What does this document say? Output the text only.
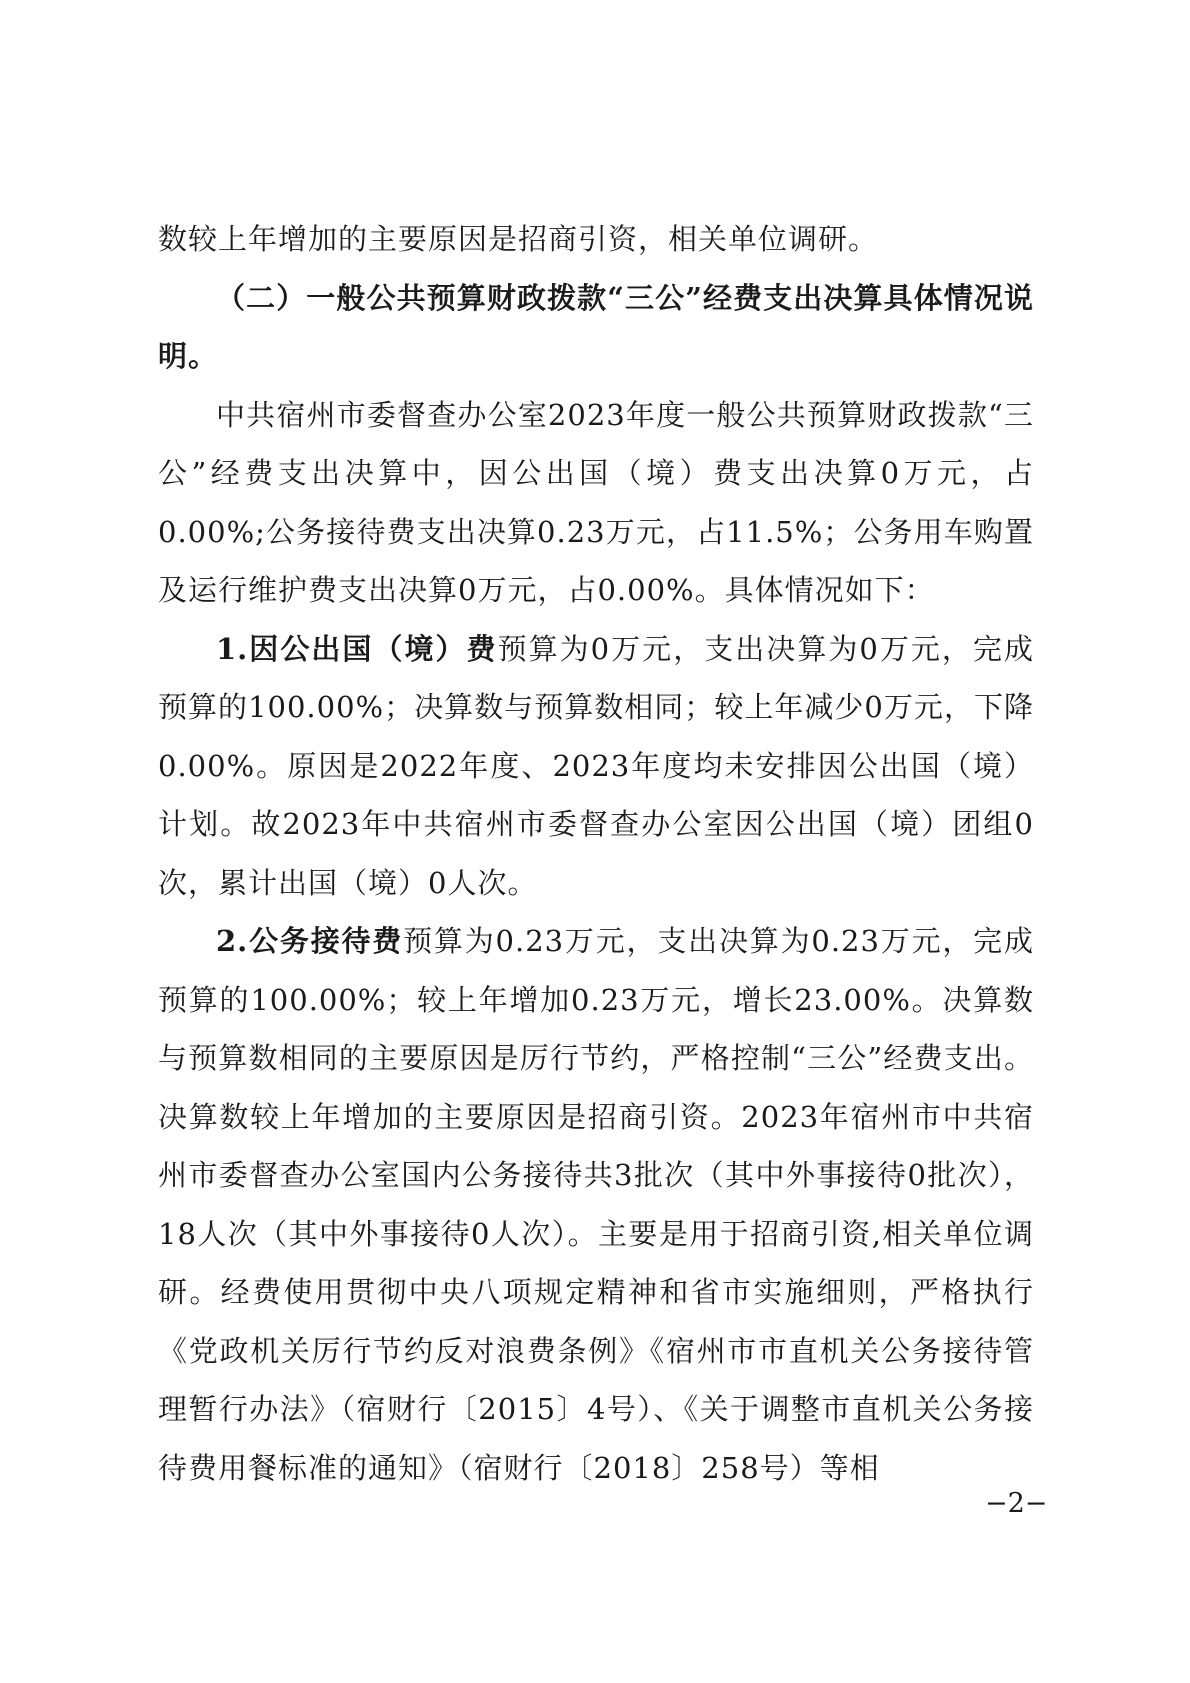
数较上年增加的主要原因是招商引资，相关单位调研。

（二）一般公共预算财政拨款“三公”经费支出决算具体情况说明。

中共宿州市委督查办公室2023年度一般公共预算财政拨款“三公”经费支出决算中，因公出国（境）费支出决算0万元，占0.00%;公务接待费支出决算0.23万元，占11.5%；公务用车购置及运行维护费支出决算0万元，占0.00%。具体情况如下：

1.因公出国（境）费预算为0万元，支出决算为0万元，完成预算的100.00%；决算数与预算数相同；较上年减少0万元，下降0.00%。原因是2022年度、2023年度均未安排因公出国（境）计划。故2023年中共宿州市委督查办公室因公出国（境）团组0次，累计出国（境）0人次。

2.公务接待费预算为0.23万元，支出决算为0.23万元，完成预算的100.00%；较上年增加0.23万元，增长23.00%。决算数与预算数相同的主要原因是厉行节约，严格控制“三公”经费支出。决算数较上年增加的主要原因是招商引资。2023年宿州市中共宿州市委督查办公室国内公务接待共3批次（其中外事接待0批次），18人次（其中外事接待0人次）。主要是用于招商引资,相关单位调研。经费使用贯彻中央八项规定精神和省市实施细则，严格执行《党政机关厉行节约反对浪费条例》《宿州市市直机关公务接待管理暂行办法》（宿财行〔2015〕4号）、《关于调整市直机关公务接待费用餐标准的通知》（宿财行〔2018〕258号）等相

−2−
